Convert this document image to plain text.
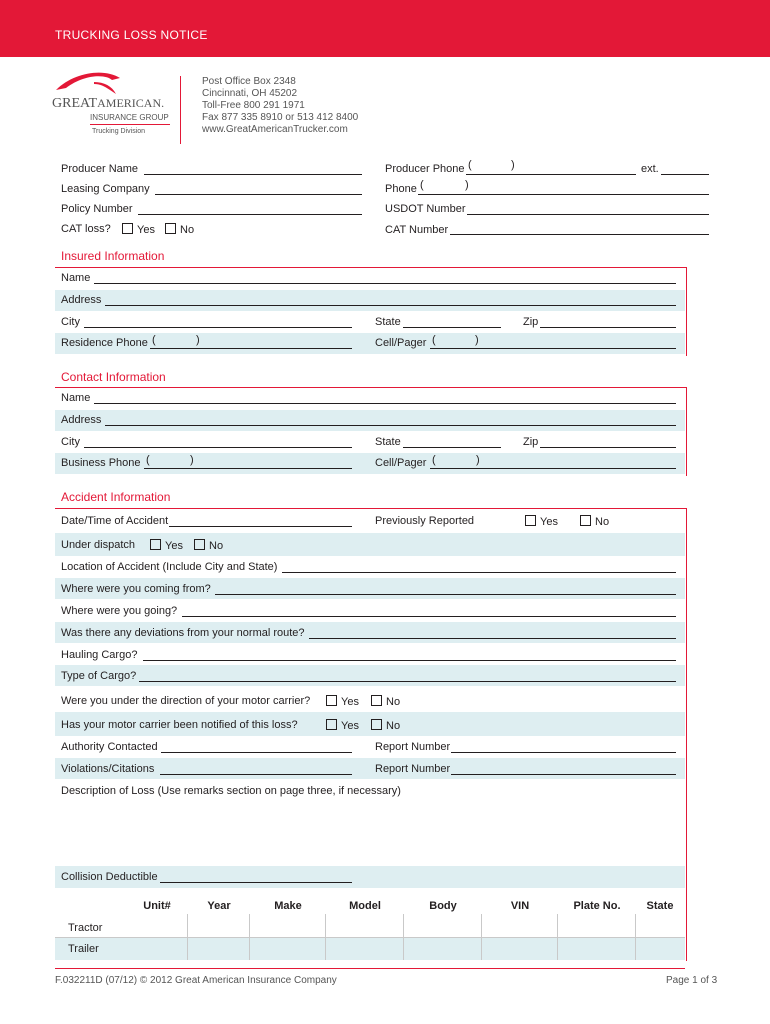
TRUCKING LOSS NOTICE
GREATAMERICAN.
INSURANCE GROUP
Trucking Division
Post Office Box 2348
Cincinnati, OH 45202
Toll-Free 800 291 1971
Fax 877 335 8910 or 513 412 8400
www.GreatAmericanTrucker.com
Producer Name
Leasing Company
Policy Number
CAT loss?	Yes	No
Producer Phone (	)	ext.
Phone (	)
USDOT Number
CAT Number
Insured Information
Name
Address
City	State	Zip
Residence Phone (	)	Cell/Pager (	)
Contact Information
Name
Address
City	State	Zip
Business Phone (	)	Cell/Pager (	)
Accident Information
Date/Time of Accident	Previously Reported	Yes	No
Under dispatch	Yes	No
Location of Accident (Include City and State)
Where were you coming from?
Where were you going?
Was there any deviations from your normal route?
Hauling Cargo?
Type of Cargo?
Were you under the direction of your motor carrier?	Yes	No
Has your motor carrier been notified of this loss?	Yes	No
Authority Contacted	Report Number
Violations/Citations	Report Number
Description of Loss (Use remarks section on page three, if necessary)
Collision Deductible
Unit#	Year	Make	Model	Body	VIN	Plate No.	State
Tractor
Trailer
F.032211D (07/12) © 2012 Great American Insurance Company	Page 1 of 3
